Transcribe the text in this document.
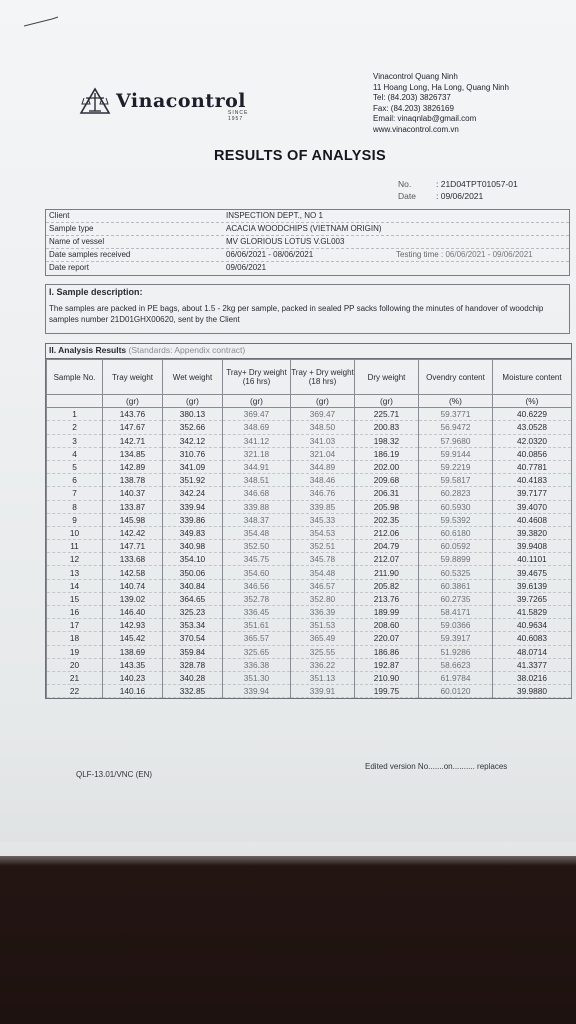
Vinacontrol
SINCE 1957
Vinacontrol Quang Ninh
11 Hoang Long, Ha Long, Quang Ninh
Tel: (84.203) 3826737
Fax: (84.203) 3826169
Email: vinaqnlab@gmail.com
www.vinacontrol.com.vn
RESULTS OF ANALYSIS
No.	: 21D04TPT01057-01
Date : 09/06/2021
Client	INSPECTION DEPT., NO 1
Sample type	ACACIA WOODCHIPS (VIETNAM ORIGIN)
Name of vessel	MV GLORIOUS LOTUS V.GL003
Date samples received	06/06/2021 - 08/06/2021	Testing time : 06/06/2021 - 09/06/2021
Date report	09/06/2021
I. Sample description:
The samples are packed in PE bags, about 1.5 - 2kg per sample, packed in sealed PP sacks following the minutes of handover of woodchip samples number 21D01GHX00620, sent by the Client
II. Analysis Results (Standards: Appendix contract)
Sample No.	Tray weight	Wet weight	Tray+ Dry weight (16 hrs)	Tray + Dry weight (18 hrs)	Dry weight	Ovendry content	Moisture content
	(gr)	(gr)	(gr)	(gr)	(gr)	(%)	(%)
1	143.76	380.13	369.47	369.47	225.71	59.3771	40.6229
2	147.67	352.66	348.69	348.50	200.83	56.9472	43.0528
3	142.71	342.12	341.12	341.03	198.32	57.9680	42.0320
4	134.85	310.76	321.18	321.04	186.19	59.9144	40.0856
5	142.89	341.09	344.91	344.89	202.00	59.2219	40.7781
6	138.78	351.92	348.51	348.46	209.68	59.5817	40.4183
7	140.37	342.24	346.68	346.76	206.31	60.2823	39.7177
8	133.87	339.94	339.88	339.85	205.98	60.5930	39.4070
9	145.98	339.86	348.37	345.33	202.35	59.5392	40.4608
10	142.42	349.83	354.48	354.53	212.06	60.6180	39.3820
11	147.71	340.98	352.50	352.51	204.79	60.0592	39.9408
12	133.68	354.10	345.75	345.78	212.07	59.8899	40.1101
13	142.58	350.06	354.60	354.48	211.90	60.5325	39.4675
14	140.74	340.84	346.56	346.57	205.82	60.3861	39.6139
15	139.02	364.65	352.78	352.80	213.76	60.2735	39.7265
16	146.40	325.23	336.45	336.39	189.99	58.4171	41.5829
17	142.93	353.34	351.61	351.53	208.60	59.0366	40.9634
18	145.42	370.54	365.57	365.49	220.07	59.3917	40.6083
19	138.69	359.84	325.65	325.55	186.86	51.9286	48.0714
20	143.35	328.78	336.38	336.22	192.87	58.6623	41.3377
21	140.23	340.28	351.30	351.13	210.90	61.9784	38.0216
22	140.16	332.85	339.94	339.91	199.75	60.0120	39.9880
Edited version No.......on.......... replaces
QLF-13.01/VNC (EN)
